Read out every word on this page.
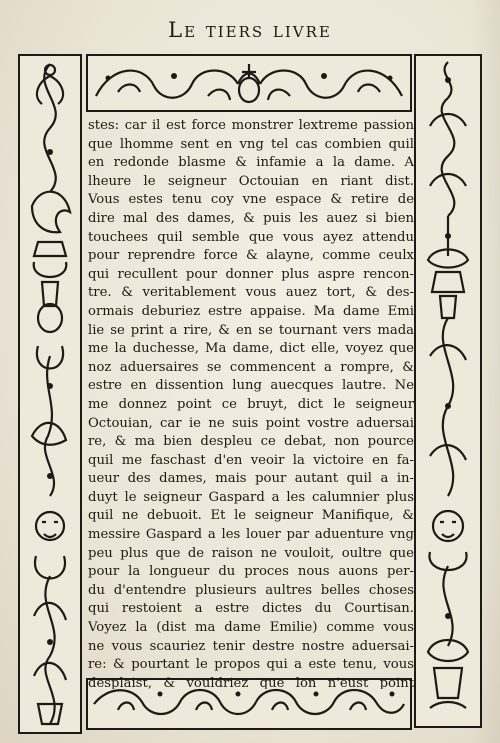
Le tiers livre
stes: car il est force monstrer lextreme passion
que lhomme sent en vng tel cas combien quil
en redonde blasme & infamie a la dame. A
lheure le seigneur Octouian en riant dist.
Vous estes tenu coy vne espace & retire de
dire mal des dames, & puis les auez si bien
touchees quil semble que vous ayez attendu
pour reprendre force & alayne, comme ceulx
qui recullent pour donner plus aspre rencon-
tre. & veritablement vous auez tort, & des-
ormais deburiez estre appaise. Ma dame Emi
lie se print a rire, & en se tournant vers mada
me la duchesse, Ma dame, dict elle, voyez que
noz aduersaires se commencent a rompre, &
estre en dissention lung auecques lautre. Ne
me donnez point ce bruyt, dict le seigneur
Octouian, car ie ne suis point vostre aduersai
re, & ma bien despleu ce debat, non pource
quil me faschast d'en veoir la victoire en fa-
ueur des dames, mais pour autant quil a in-
duyt le seigneur Gaspard a les calumnier plus
quil ne debuoit. Et le seigneur Manifique, &
messire Gaspard a les louer par aduenture vng
peu plus que de raison ne vouloit, oultre que
pour la longueur du proces nous auons per-
du d'entendre plusieurs aultres belles choses
qui restoient a estre dictes du Courtisan.
Voyez la (dist ma dame Emilie) comme vous
ne vous scauriez tenir destre nostre aduersai-
re: & pourtant le propos qui a este tenu, vous
desplaist, & vouldriez que lon n'eust point
